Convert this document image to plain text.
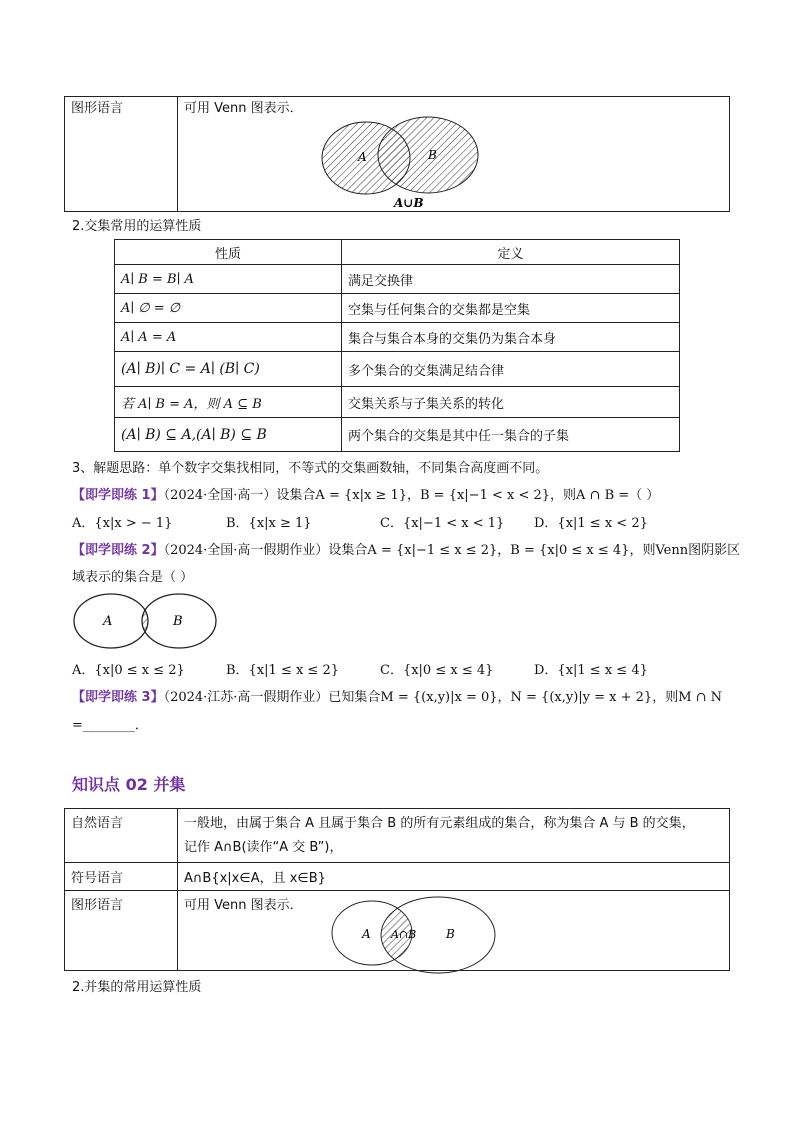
图形语言	可用 Venn 图表示．
A	B
A∪B
2.交集常用的运算性质
性质	定义
A∣ B = B∣ A	满足交换律
A∣ ∅ = ∅	空集与任何集合的交集都是空集
A∣ A = A	集合与集合本身的交集仍为集合本身
(A∣ B)∣ C = A∣ (B∣ C)	多个集合的交集满足结合律
若 A∣ B = A，则 A ⊆ B	交集关系与子集关系的转化
(A∣ B) ⊆ A,(A∣ B) ⊆ B	两个集合的交集是其中任一集合的子集
3、解题思路：单个数字交集找相同，不等式的交集画数轴，不同集合高度画不同。
【即学即练 1】（2024·全国·高一）设集合A = {x|x ≥ 1}，B = {x|−1 < x < 2}，则A ∩ B =（ ）
A．{x|x > − 1}	B．{x|x ≥ 1}	C．{x|−1 < x < 1} D．{x|1 ≤ x < 2}
【即学即练 2】（2024·全国·高一假期作业）设集合A = {x|−1 ≤ x ≤ 2}，B = {x|0 ≤ x ≤ 4}，则Venn图阴影区
域表示的集合是（ ）
A	B
A．{x|0 ≤ x ≤ 2}	B．{x|1 ≤ x ≤ 2}	C．{x|0 ≤ x ≤ 4}	D．{x|1 ≤ x ≤ 4}
【即学即练 3】（2024·江苏·高一假期作业）已知集合M = {(x,y)|x = 0}，N = {(x,y)|y = x + 2}，则M ∩ N
=________．
知识点 02 并集
自然语言	一般地，由属于集合 A 且属于集合 B 的所有元素组成的集合，称为集合 A 与 B 的交集，
记作 A∩B(读作“A 交 B”)，

符号语言	A∩B{x|x∈A，且 x∈B}
图形语言	可用 Venn 图表示．
A B
A∩B
2.并集的常用运算性质
